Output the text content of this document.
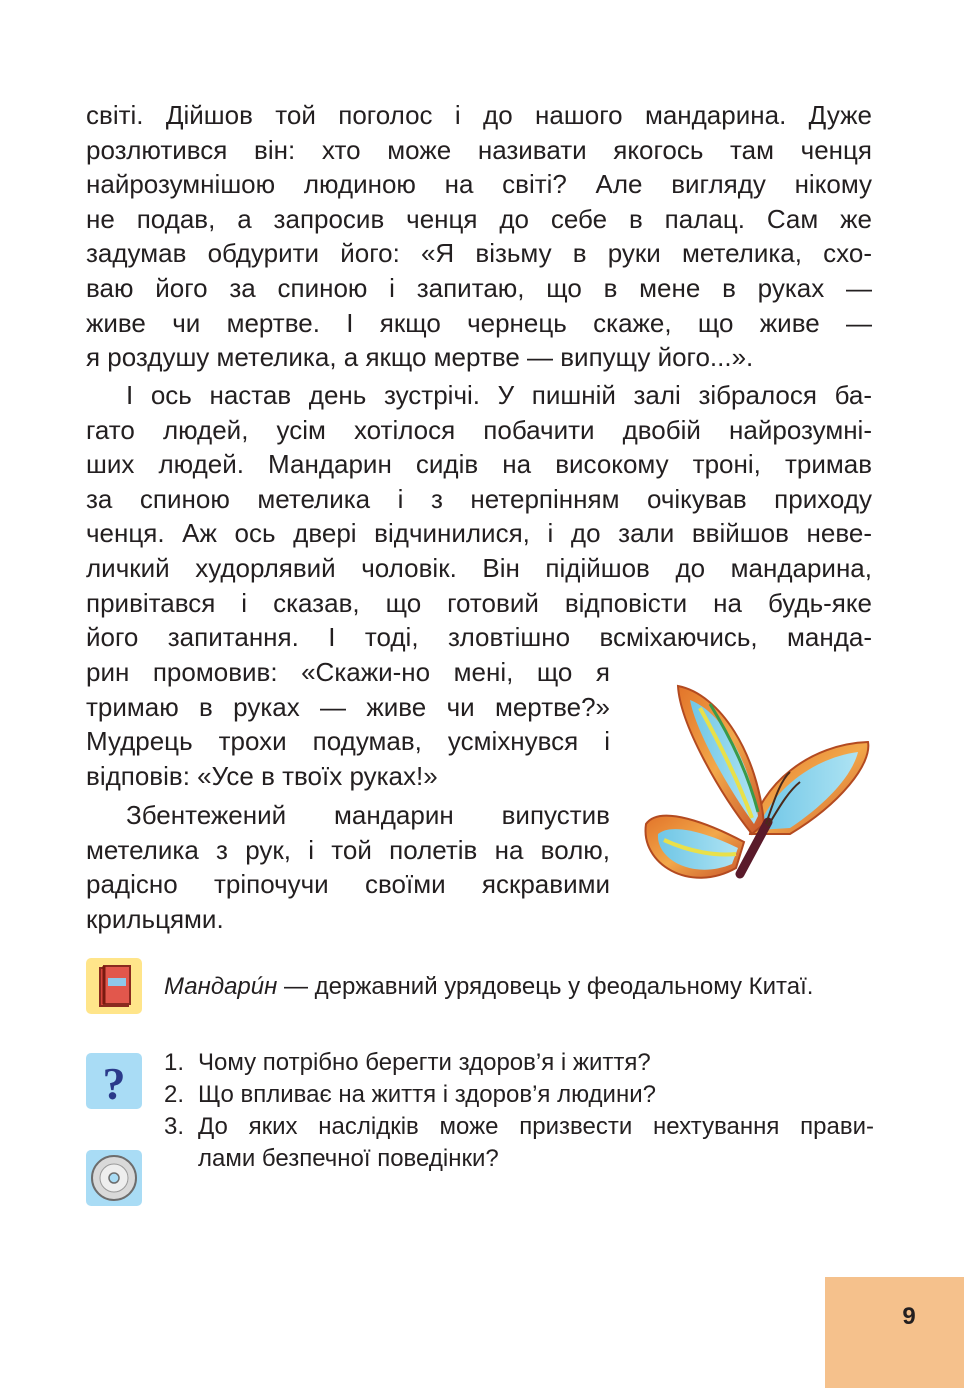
світі. Дійшов той поголос і до нашого мандарина. Дуже
розлютився він: хто може називати якогось там ченця
найрозумнішою людиною на світі? Але вигляду нікому
не подав, а запросив ченця до себе в палац. Сам же
задумав обдурити його: «Я візьму в руки метелика, схо-
ваю його за спиною і запитаю, що в мене в руках —
живе чи мертве. І якщо чернець скаже, що живе —
я роздушу метелика, а якщо мертве — випущу його...».

І ось настав день зустрічі. У пишній залі зібралося ба-
гато людей, усім хотілося побачити двобій найрозумні-
ших людей. Мандарин сидів на високому троні, тримав
за спиною метелика і з нетерпінням очікував приходу
ченця. Аж ось двері відчинилися, і до зали ввійшов неве-
личкий худорлявий чоловік. Він підійшов до мандарина,
привітався і сказав, що готовий відповісти на будь-яке
його запитання. І тоді, зловтішно всміхаючись, манда-

рин промовив: «Скажи-но мені, що я
тримаю в руках — живе чи мертве?»
Мудрець трохи подумав, усміхнувся і
відповів: «Усе в твоїх руках!»

Збентежений мандарин випустив
метелика з рук, і той полетів на волю,
радісно тріпочучи своїми яскравими
крильцями.

Мандари́н — державний урядовець у феодальному Китаї.
? 1. Чому потрібно берегти здоров’я і життя?
2. Що впливає на життя і здоров’я людини?
3. До яких наслідків може призвести нехтування прави-
лами безпечної поведінки?
9
